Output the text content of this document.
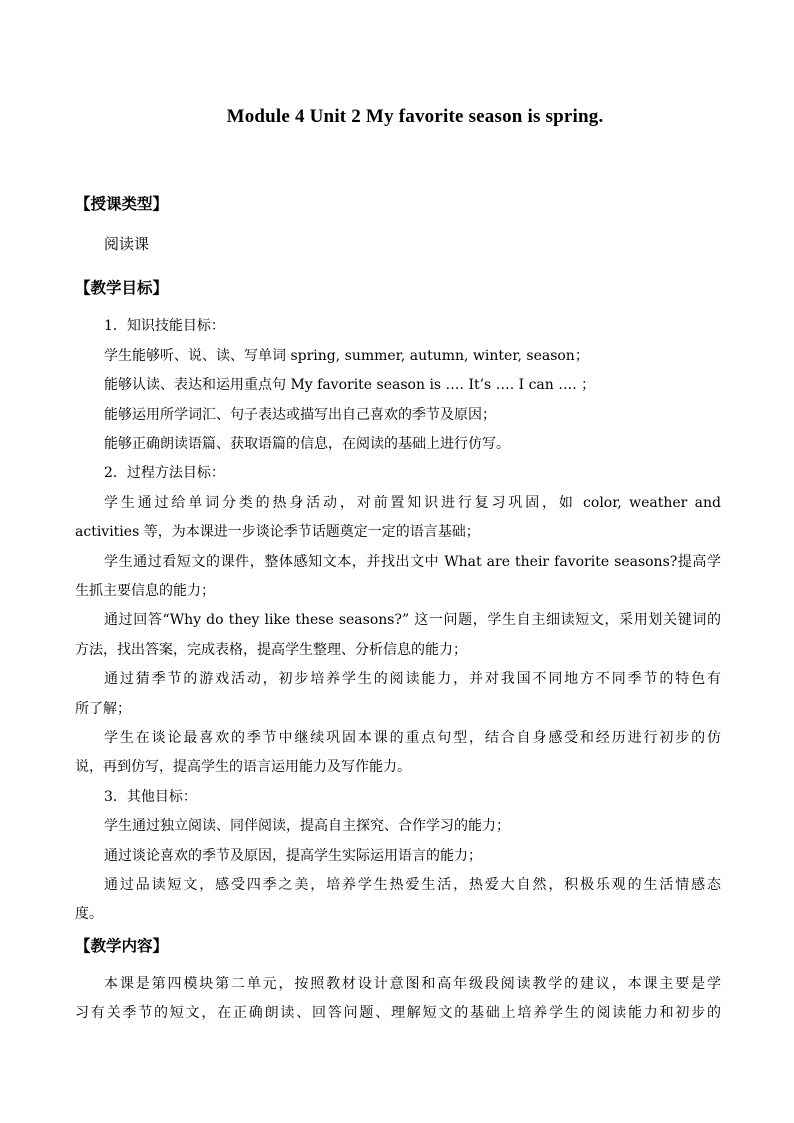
Module 4 Unit 2 My favorite season is spring.
【授课类型】
阅读课
【教学目标】
1．知识技能目标：
学生能够听、说、读、写单词 spring, summer, autumn, winter, season；
能够认读、表达和运用重点句 My favorite season is …. It’s …. I can …. ；
能够运用所学词汇、句子表达或描写出自己喜欢的季节及原因；
能够正确朗读语篇、获取语篇的信息，在阅读的基础上进行仿写。
2．过程方法目标：
学生通过给单词分类的热身活动，对前置知识进行复习巩固，如 color, weather and
activities 等，为本课进一步谈论季节话题奠定一定的语言基础；
学生通过看短文的课件，整体感知文本，并找出文中 What are their favorite seasons?提高学
生抓主要信息的能力；
通过回答“Why do they like these seasons?” 这一问题，学生自主细读短文，采用划关键词的
方法，找出答案，完成表格，提高学生整理、分析信息的能力；
通过猜季节的游戏活动，初步培养学生的阅读能力，并对我国不同地方不同季节的特色有
所了解；
学生在谈论最喜欢的季节中继续巩固本课的重点句型，结合自身感受和经历进行初步的仿
说，再到仿写，提高学生的语言运用能力及写作能力。
3．其他目标：
学生通过独立阅读、同伴阅读，提高自主探究、合作学习的能力；
通过谈论喜欢的季节及原因，提高学生实际运用语言的能力；
通过品读短文，感受四季之美，培养学生热爱生活，热爱大自然，积极乐观的生活情感态
度。
【教学内容】
本课是第四模块第二单元，按照教材设计意图和高年级段阅读教学的建议，本课主要是学
习有关季节的短文，在正确朗读、回答问题、理解短文的基础上培养学生的阅读能力和初步的
